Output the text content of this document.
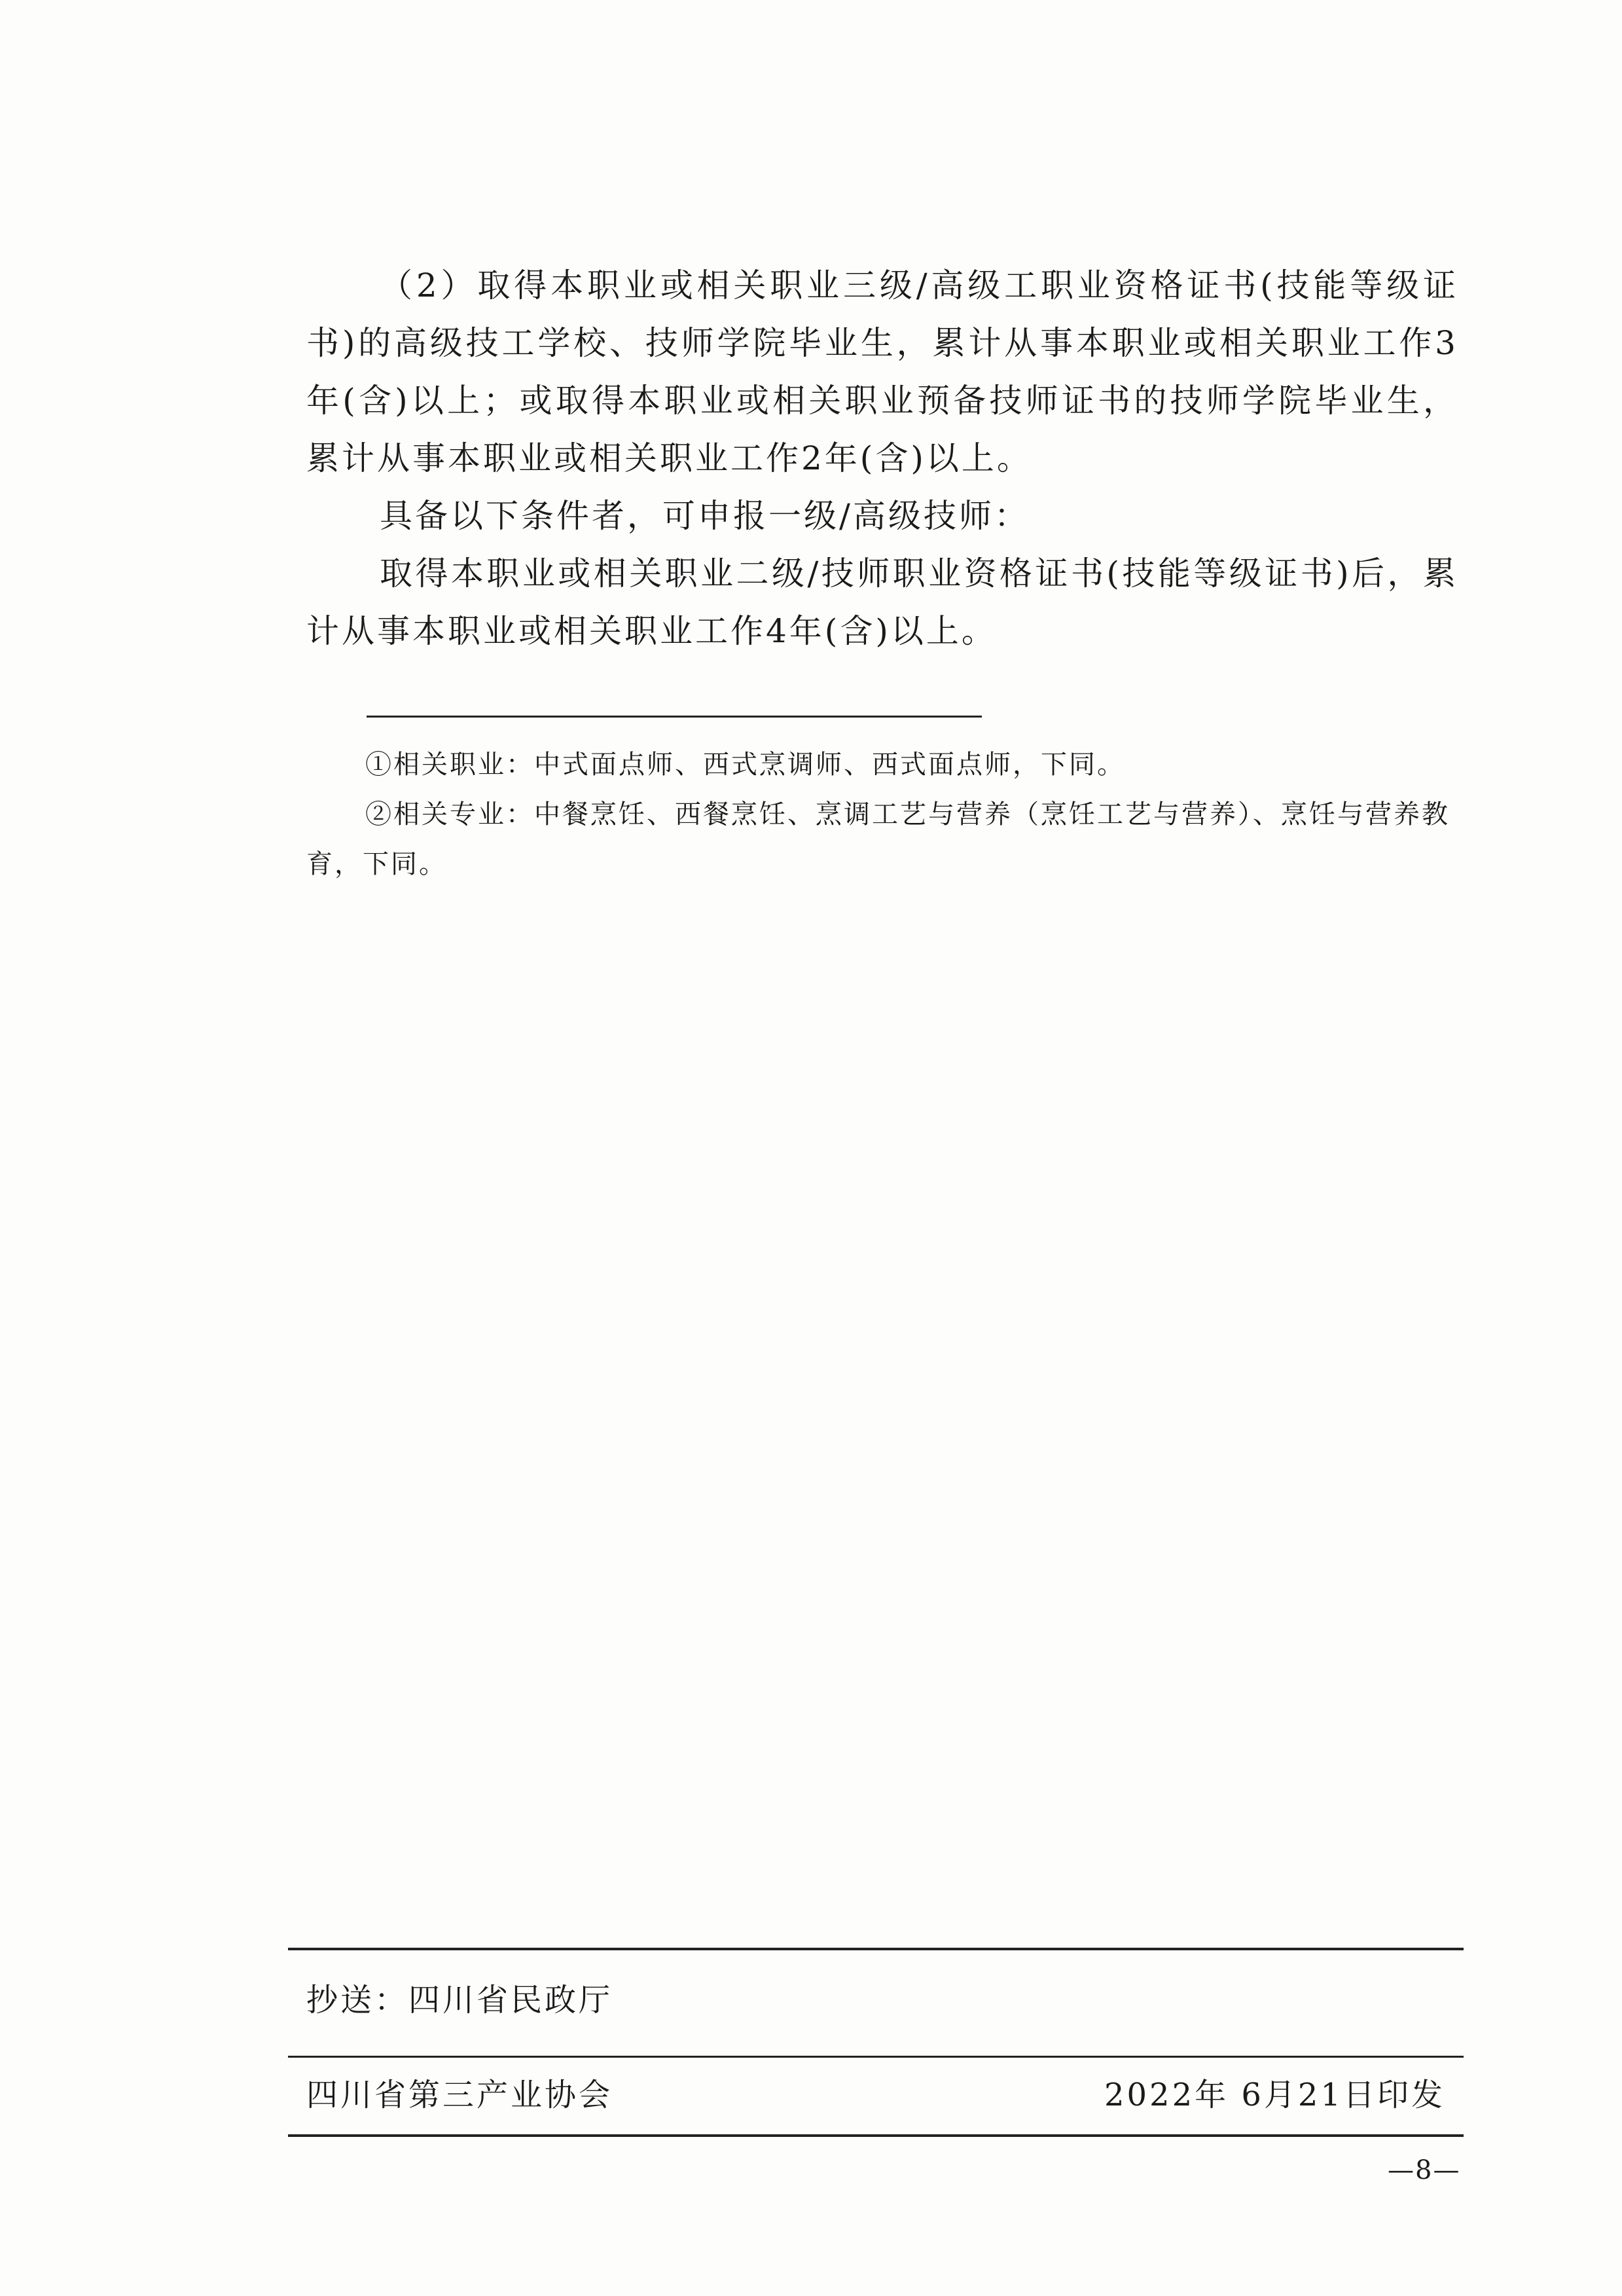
（2）取得本职业或相关职业三级/高级工职业资格证书(技能等级证书)的高级技工学校、技师学院毕业生，累计从事本职业或相关职业工作3年(含)以上；或取得本职业或相关职业预备技师证书的技师学院毕业生，累计从事本职业或相关职业工作2年(含)以上。

具备以下条件者，可申报一级/高级技师：

取得本职业或相关职业二级/技师职业资格证书(技能等级证书)后，累计从事本职业或相关职业工作4年(含)以上。

①相关职业：中式面点师、西式烹调师、西式面点师，下同。

②相关专业：中餐烹饪、西餐烹饪、烹调工艺与营养（烹饪工艺与营养）、烹饪与营养教育，下同。

抄送：四川省民政厅
四川省第三产业协会	2022年 6月21日印发
—8—
